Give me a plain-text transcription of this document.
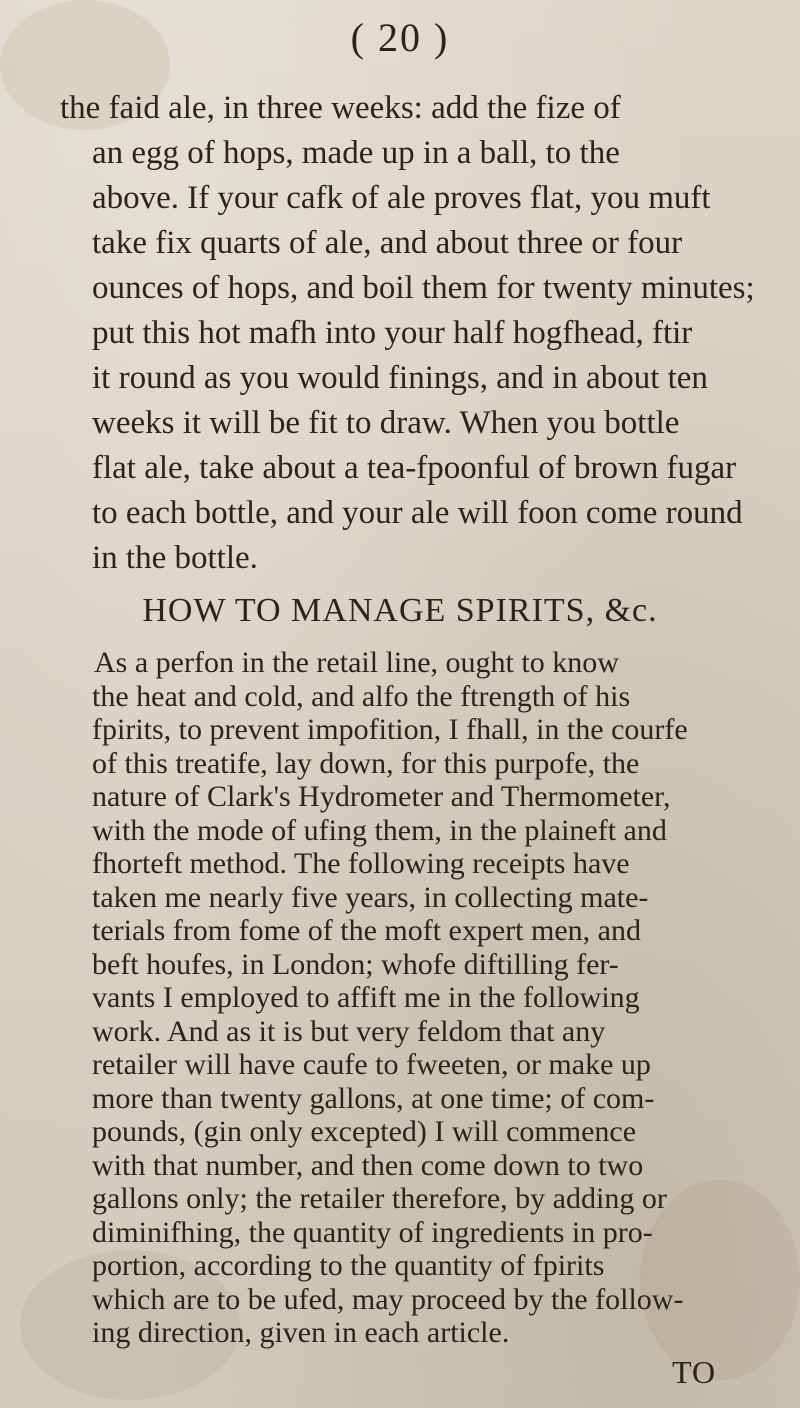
( 20 )
the faid ale, in three weeks: add the fize of
an egg of hops, made up in a ball, to the
above. If your cafk of ale proves flat, you muft
take fix quarts of ale, and about three or four
ounces of hops, and boil them for twenty minutes;
put this hot mafh into your half hogfhead, ftir
it round as you would finings, and in about ten
weeks it will be fit to draw. When you bottle
flat ale, take about a tea-fpoonful of brown fugar
to each bottle, and your ale will foon come round
in the bottle.
HOW TO MANAGE SPIRITS, &c.
As a perfon in the retail line, ought to know
the heat and cold, and alfo the ftrength of his
fpirits, to prevent impofition, I fhall, in the courfe
of this treatife, lay down, for this purpofe, the
nature of Clark's Hydrometer and Thermometer,
with the mode of ufing them, in the plaineft and
fhorteft method. The following receipts have
taken me nearly five years, in collecting mate-
terials from fome of the moft expert men, and
beft houfes, in London; whofe diftilling fer-
vants I employed to affift me in the following
work. And as it is but very feldom that any
retailer will have caufe to fweeten, or make up
more than twenty gallons, at one time; of com-
pounds, (gin only excepted) I will commence
with that number, and then come down to two
gallons only; the retailer therefore, by adding or
diminifhing, the quantity of ingredients in pro-
portion, according to the quantity of fpirits
which are to be ufed, may proceed by the follow-
ing direction, given in each article.
TO
